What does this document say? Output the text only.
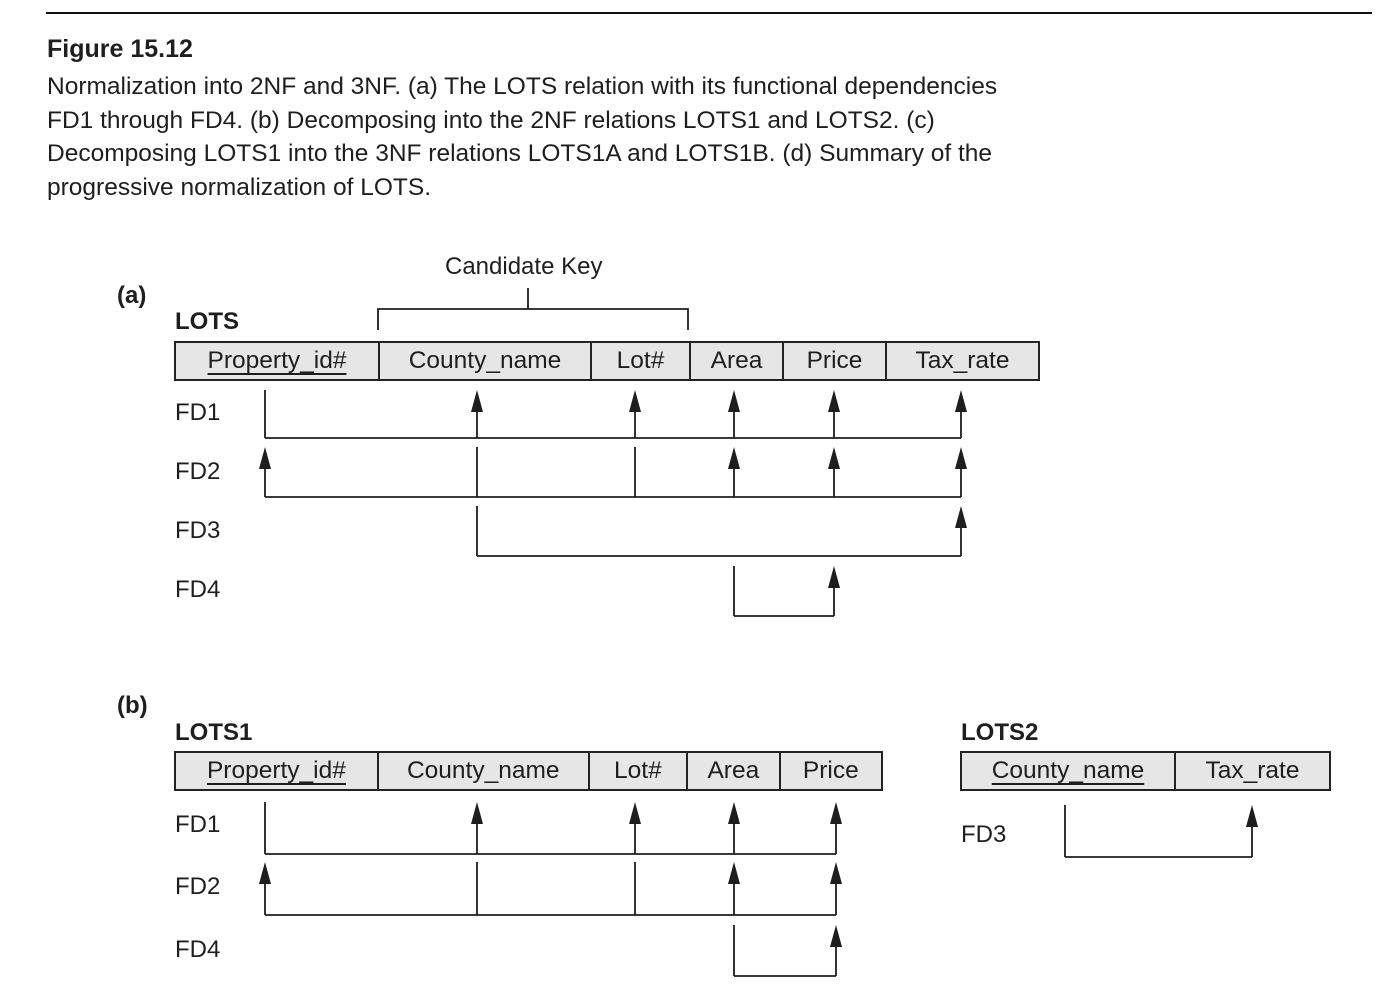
Figure 15.12

Normalization into 2NF and 3NF. (a) The LOTS relation with its functional dependencies
FD1 through FD4. (b) Decomposing into the 2NF relations LOTS1 and LOTS2. (c)
Decomposing LOTS1 into the 3NF relations LOTS1A and LOTS1B. (d) Summary of the
progressive normalization of LOTS.

(a)
Candidate Key
LOTS
Property_id#	County_name Lot# Area Price Tax_rate
FD1
FD2
FD3
FD4
(b)
LOTS1
Property_id# County_name Lot# Area Price
FD1
FD2
FD4
LOTS2
County_name	Tax_rate
FD3
